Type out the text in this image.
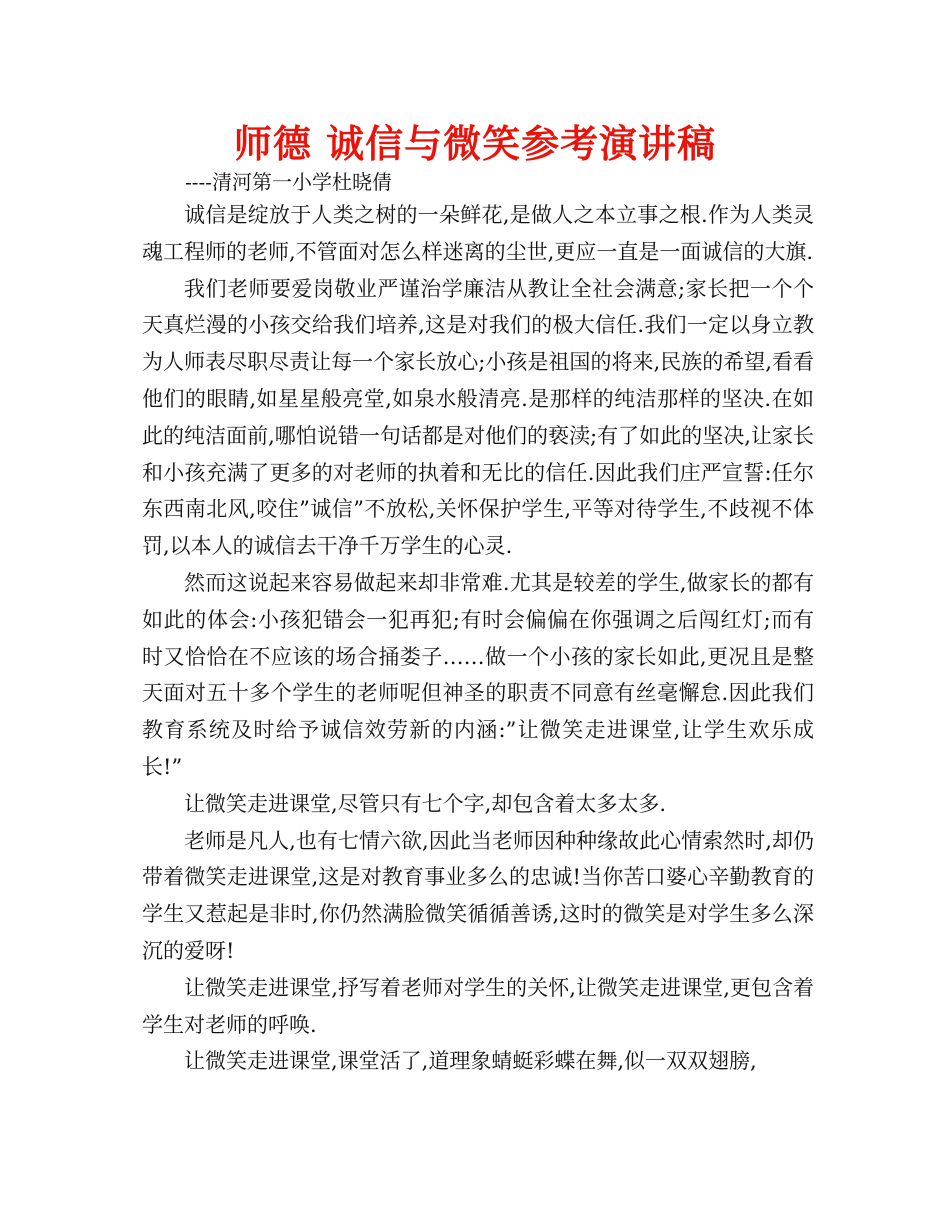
师德 诚信与微笑参考演讲稿
----清河第一小学杜晓倩

诚信是绽放于人类之树的一朵鲜花,是做人之本立事之根.作为人类灵魂工程师的老师,不管面对怎么样迷离的尘世,更应一直是一面诚信的大旗.

我们老师要爱岗敬业严谨治学廉洁从教让全社会满意;家长把一个个天真烂漫的小孩交给我们培养,这是对我们的极大信任.我们一定以身立教为人师表尽职尽责让每一个家长放心;小孩是祖国的将来,民族的希望,看看他们的眼睛,如星星般亮堂,如泉水般清亮.是那样的纯洁那样的坚决.在如此的纯洁面前,哪怕说错一句话都是对他们的亵渎;有了如此的坚决,让家长和小孩充满了更多的对老师的执着和无比的信任.因此我们庄严宣誓:任尔东西南北风,咬住”诚信”不放松,关怀保护学生,平等对待学生,不歧视不体罚,以本人的诚信去干净千万学生的心灵.

然而这说起来容易做起来却非常难.尤其是较差的学生,做家长的都有如此的体会:小孩犯错会一犯再犯;有时会偏偏在你强调之后闯红灯;而有时又恰恰在不应该的场合捅娄子……做一个小孩的家长如此,更况且是整天面对五十多个学生的老师呢但神圣的职责不同意有丝毫懈怠.因此我们教育系统及时给予诚信效劳新的内涵:”让微笑走进课堂,让学生欢乐成长!”

让微笑走进课堂,尽管只有七个字,却包含着太多太多.

老师是凡人,也有七情六欲,因此当老师因种种缘故此心情索然时,却仍带着微笑走进课堂,这是对教育事业多么的忠诚!当你苦口婆心辛勤教育的学生又惹起是非时,你仍然满脸微笑循循善诱,这时的微笑是对学生多么深沉的爱呀!

让微笑走进课堂,抒写着老师对学生的关怀,让微笑走进课堂,更包含着学生对老师的呼唤.

让微笑走进课堂,课堂活了,道理象蜻蜓彩蝶在舞,似一双双翅膀,
